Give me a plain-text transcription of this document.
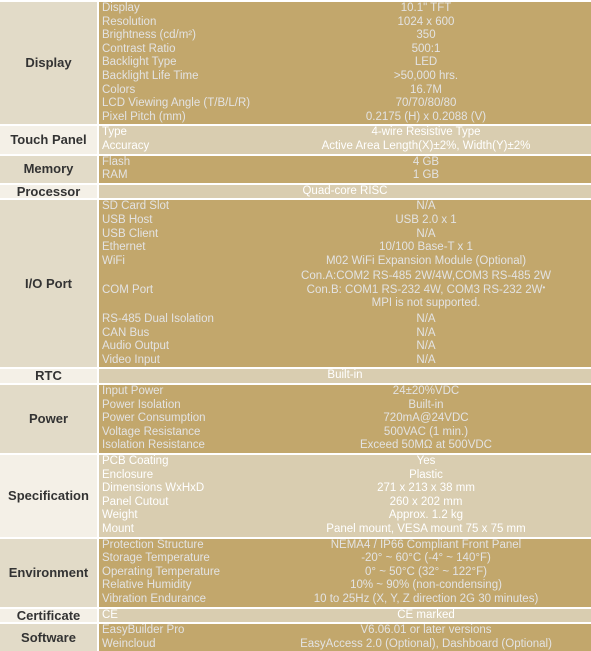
Display	Display	10.1" TFT
	Resolution	1024 x 600
	Brightness (cd/m²)	350
	Contrast Ratio	500:1
	Backlight Type	LED
	Backlight Life Time	>50,000 hrs.
	Colors	16.7M
	LCD Viewing Angle (T/B/L/R)	70/70/80/80
	Pixel Pitch (mm)	0.2175 (H) x 0.2088 (V)
Touch Panel	Type	4-wire Resistive Type
	Accuracy	Active Area Length(X)±2%, Width(Y)±2%
Memory	Flash	4 GB
	RAM	1 GB
Processor	Quad-core RISC	
I/O Port	SD Card Slot	N/A
	USB Host	USB 2.0 x 1
	USB Client	N/A
	Ethernet	10/100 Base-T x 1
	WiFi	M02 WiFi Expansion Module (Optional)
	COM Port	Con.A:COM2 RS-485 2W/4W,COM3 RS-485 2W
Con.B: COM1 RS-232 4W, COM3 RS-232 2W•
MPI is not supported.

	RS-485 Dual Isolation	N/A
	CAN Bus	N/A
	Audio Output	N/A
	Video Input	N/A
RTC	Built-in	
Power	Input Power	24±20%VDC
	Power Isolation	Built-in
	Power Consumption	720mA@24VDC
	Voltage Resistance	500VAC (1 min.)
	Isolation Resistance	Exceed 50MΩ at 500VDC
Specification	PCB Coating	Yes
	Enclosure	Plastic
	Dimensions WxHxD	271 x 213 x 38 mm
	Panel Cutout	260 x 202 mm
	Weight	Approx. 1.2 kg
	Mount	Panel mount, VESA mount 75 x 75 mm
Environment	Protection Structure	NEMA4 / IP66 Compliant Front Panel
	Storage Temperature	-20° ~ 60°C (-4° ~ 140°F)
	Operating Temperature	0° ~ 50°C (32° ~ 122°F)
	Relative Humidity	10% ~ 90% (non-condensing)
	Vibration Endurance	10 to 25Hz (X, Y, Z direction 2G 30 minutes)
Certificate	CE	CE marked
Software	EasyBuilder Pro	V6.06.01 or later versions
	Weincloud	EasyAccess 2.0 (Optional), Dashboard (Optional)
